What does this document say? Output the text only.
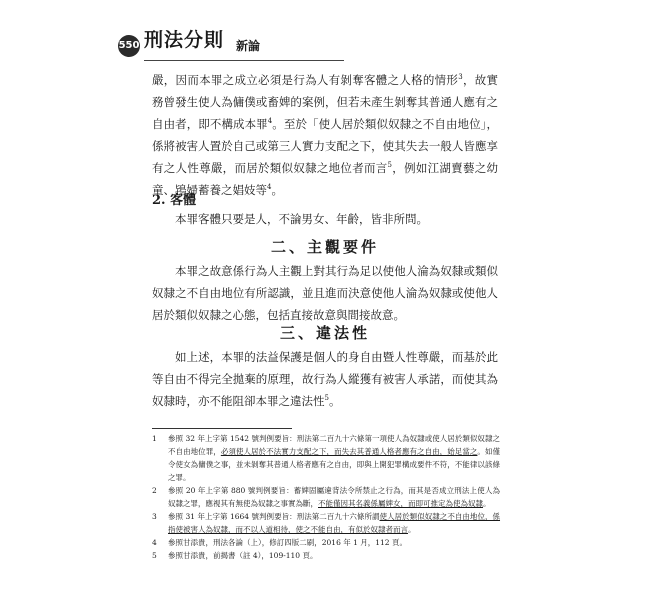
550 刑法分則 新論
嚴，因而本罪之成立必須是行為人有剝奪客體之人格的情形$^3$，故實務曾發生使人為傭僕或畜婢的案例，但若未產生剝奪其普通人應有之自由者，即不構成本罪$^4$。至於「使人居於類似奴隸之不自由地位」，係將被害人置於自己或第三人實力支配之下，使其失去一般人皆應享有之人性尊嚴，而居於類似奴隸之地位者而言$^5$，例如江湖賣藝之幼童、鴇婦蓄養之娼妓等$^4$。
2. 客體
本罪客體只要是人，不論男女、年齡，皆非所問。
二、主觀要件
本罪之故意係行為人主觀上對其行為足以使他人淪為奴隸或類似奴隸之不自由地位有所認識，並且進而決意使他人淪為奴隸或使他人居於類似奴隸之心態，包括直接故意與間接故意。
三、違法性
如上述，本罪的法益保護是個人的身自由暨人性尊嚴，而基於此等自由不得完全拋棄的原理，故行為人縱獲有被害人承諾，而使其為奴隸時，亦不能阻卻本罪之違法性$^5$。
1	參照 32 年上字第 1542 號判例要旨：刑法第二百九十六條第一項使人為奴隸或使人居於類似奴隸之不自由地位罪，必須使人居於不法實力支配之下，而失去其普通人格者應有之自由，始足當之。如僅令使女為傭僕之事，並未剝奪其普通人格者應有之自由，即與上開犯罪構成要件不符，不能律以該條之罪。
2	參照 20 年上字第 880 號判例要旨：蓄婢固屬違背法令所禁止之行為，而其是否成立刑法上使人為奴隸之罪，應視其有無使為奴隸之事實為斷，不能僅因其名義係屬婢女，而即可推定為使為奴隸。
3	參照 31 年上字第 1664 號判例要旨：刑法第二百九十六條所謂使人居於類似奴隸之不自由地位，係指使被害人為奴隸，而不以人道相待，使之不能自由，有似於奴隸者而言。
4	參照甘添貴，刑法各論（上），修訂四版二刷，2016 年 1 月，112 頁。
5	參照甘添貴，前揭書（註 4），109-110 頁。
